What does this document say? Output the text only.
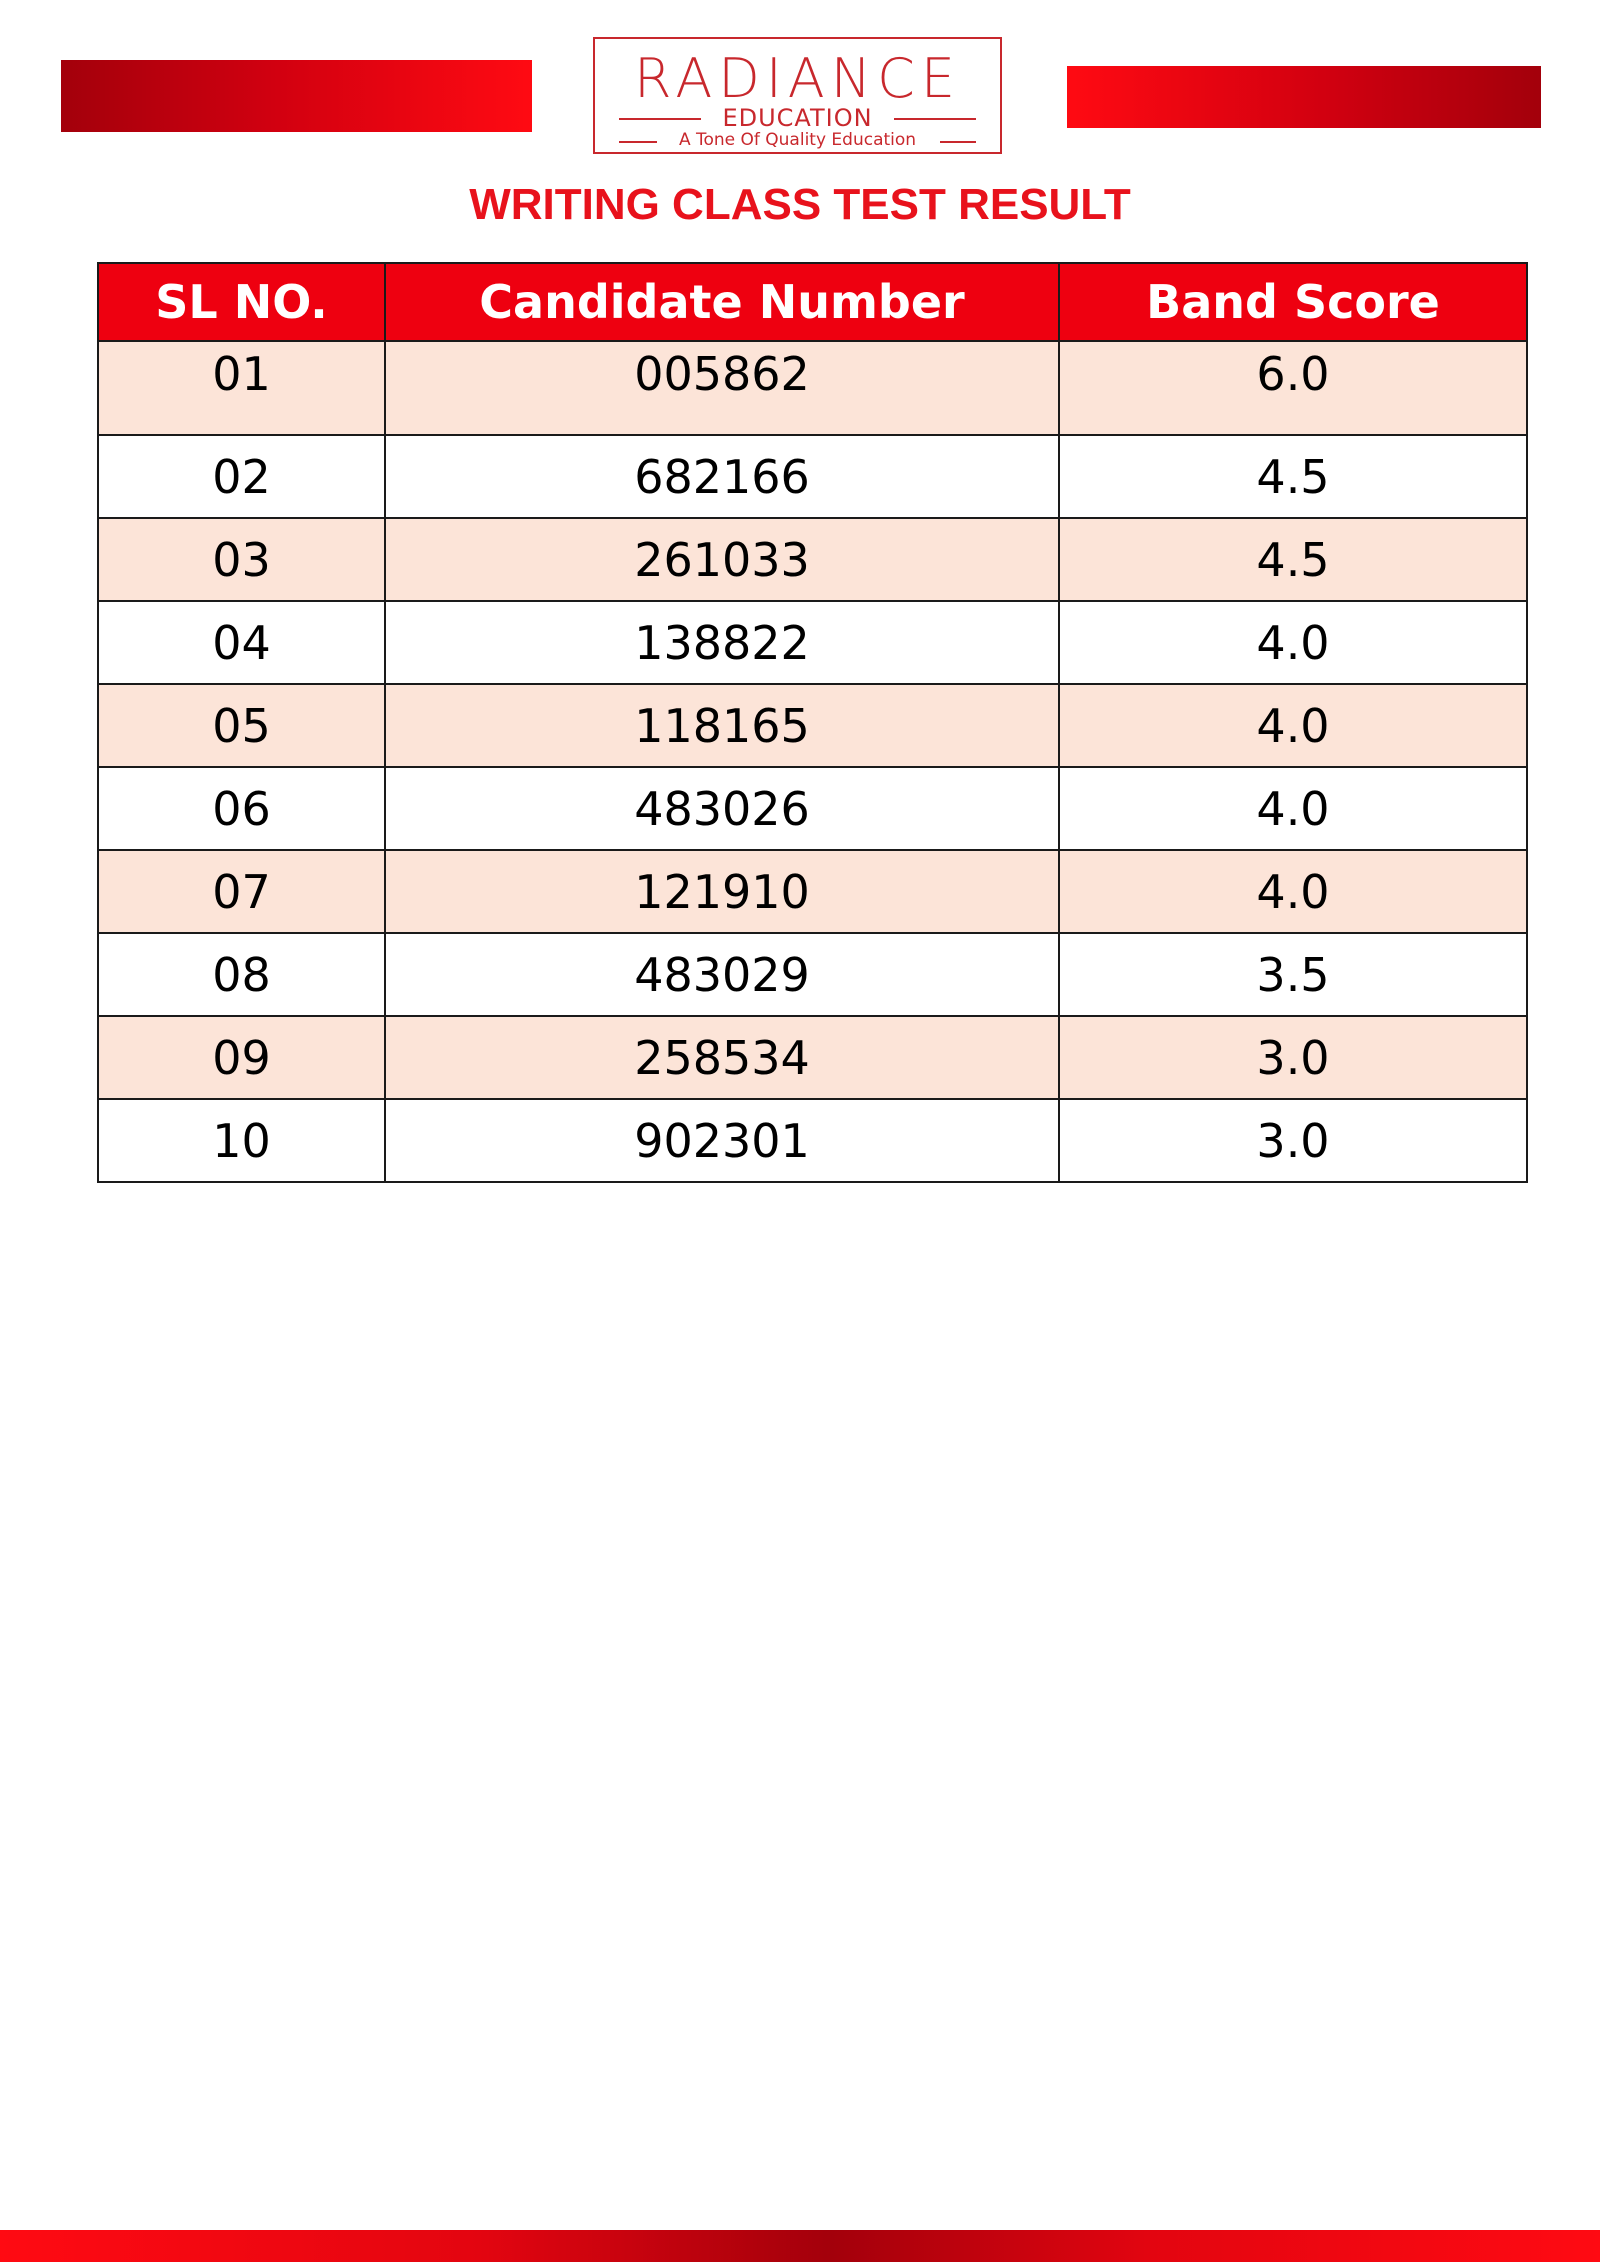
RADIANCE
EDUCATION
A Tone Of Quality Education
WRITING CLASS TEST RESULT
SL NO.	Candidate Number	Band Score
01	005862	6.0
02	682166	4.5
03	261033	4.5
04	138822	4.0
05	118165	4.0
06	483026	4.0
07	121910	4.0
08	483029	3.5
09	258534	3.0
10	902301	3.0
